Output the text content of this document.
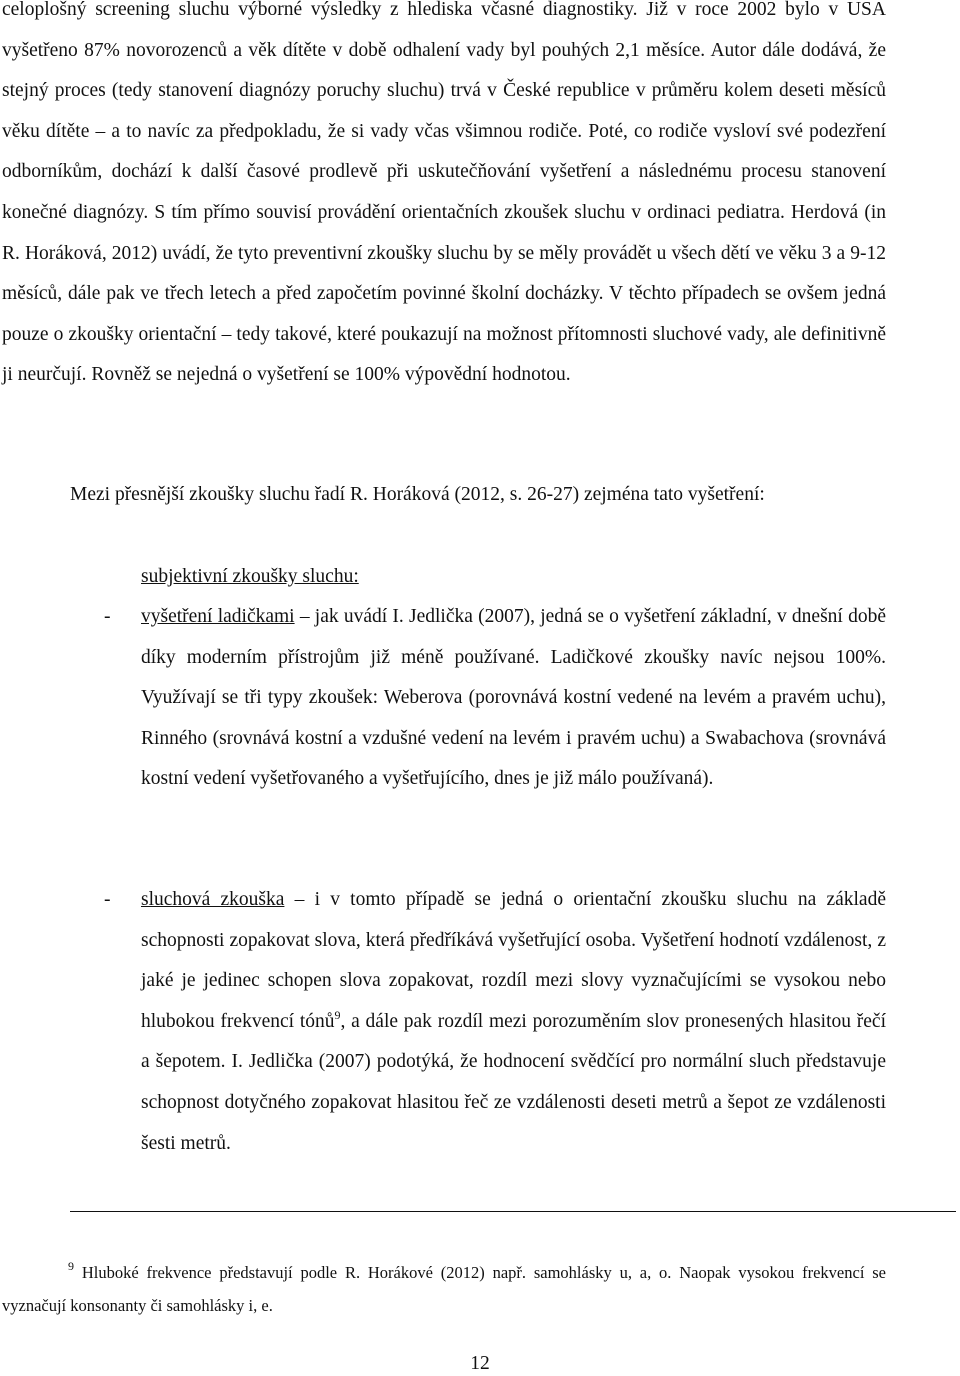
celoplošný screening sluchu výborné výsledky z hlediska včasné diagnostiky. Již v roce 2002 bylo v USA vyšetřeno 87% novorozenců a věk dítěte v době odhalení vady byl pouhých 2,1 měsíce. Autor dále dodává, že stejný proces (tedy stanovení diagnózy poruchy sluchu) trvá v České republice v průměru kolem deseti měsíců věku dítěte – a to navíc za předpokladu, že si vady včas všimnou rodiče. Poté, co rodiče vysloví své podezření odborníkům, dochází k další časové prodlevě při uskutečňování vyšetření a následnému procesu stanovení konečné diagnózy. S tím přímo souvisí provádění orientačních zkoušek sluchu v ordinaci pediatra. Herdová (in R. Horáková, 2012) uvádí, že tyto preventivní zkoušky sluchu by se měly provádět u všech dětí ve věku 3 a 9-12 měsíců, dále pak ve třech letech a před započetím povinné školní docházky. V těchto případech se ovšem jedná pouze o zkoušky orientační – tedy takové, které poukazují na možnost přítomnosti sluchové vady, ale definitivně ji neurčují. Rovněž se nejedná o vyšetření se 100% výpovědní hodnotou.

Mezi přesnější zkoušky sluchu řadí R. Horáková (2012, s. 26-27) zejména tato vyšetření:

subjektivní zkoušky sluchu:

- vyšetření ladičkami – jak uvádí I. Jedlička (2007), jedná se o vyšetření základní, v dnešní době díky moderním přístrojům již méně používané. Ladičkové zkoušky navíc nejsou 100%. Využívají se tři typy zkoušek: Weberova (porovnává kostní vedené na levém a pravém uchu), Rinného (srovnává kostní a vzdušné vedení na levém i pravém uchu) a Swabachova (srovnává kostní vedení vyšetřovaného a vyšetřujícího, dnes je již málo používaná).
- sluchová zkouška – i v tomto případě se jedná o orientační zkoušku sluchu na základě schopnosti zopakovat slova, která předříkává vyšetřující osoba. Vyšetření hodnotí vzdálenost, z jaké je jedinec schopen slova zopakovat, rozdíl mezi slovy vyznačujícími se vysokou nebo hlubokou frekvencí tónů$^9$, a dále pak rozdíl mezi porozuměním slov pronesených hlasitou řečí a šepotem. I. Jedlička (2007) podotýká, že hodnocení svědčící pro normální sluch představuje schopnost dotyčného zopakovat hlasitou řeč ze vzdálenosti deseti metrů a šepot ze vzdálenosti šesti metrů.

$^9$ Hluboké frekvence představují podle R. Horákové (2012) např. samohlásky u, a, o. Naopak vysokou frekvencí se vyznačují konsonanty či samohlásky i, e.

12
